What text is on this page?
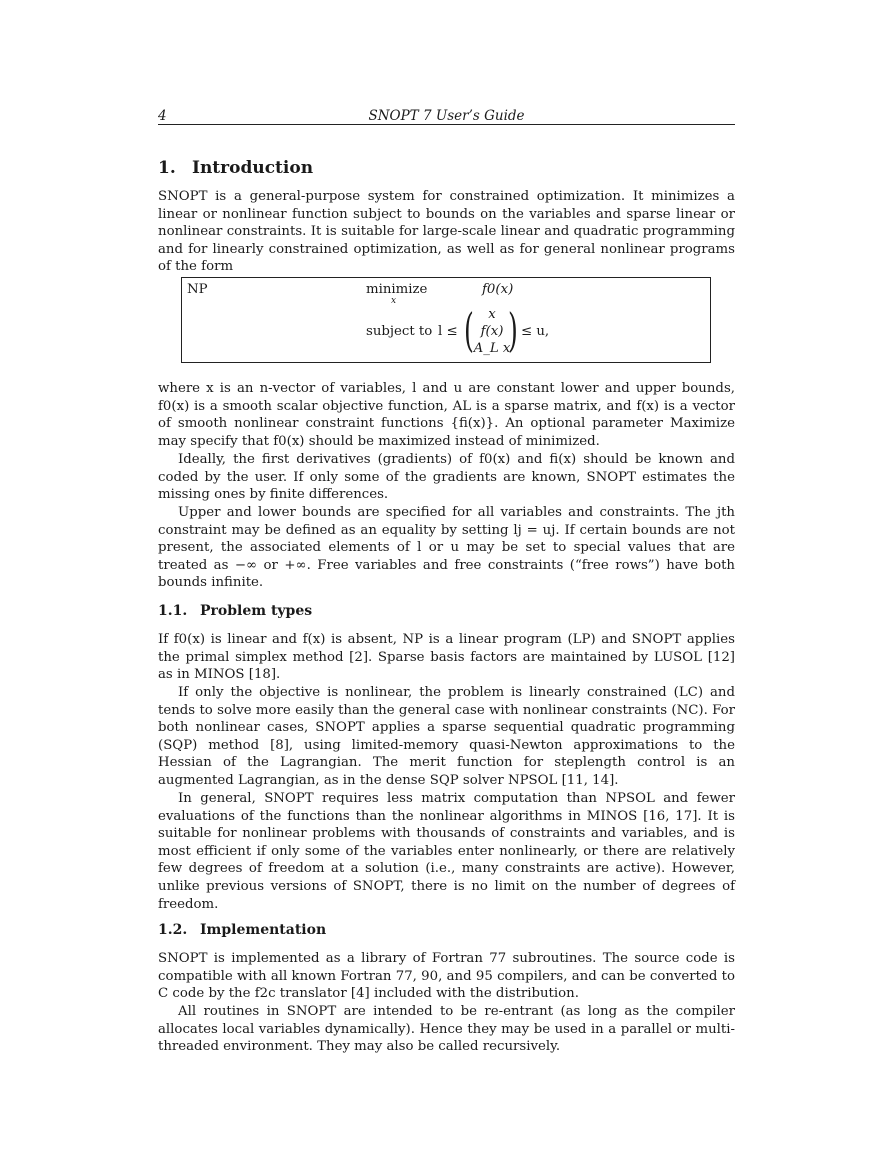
4	SNOPT 7 User’s Guide
1. Introduction

SNOPT is a general-purpose system for constrained optimization. It minimizes a linear or nonlinear function subject to bounds on the variables and sparse linear or nonlinear constraints. It is suitable for large-scale linear and quadratic programming and for linearly constrained optimization, as well as for general nonlinear programs of the form

NP	minimize
x
f0(x)
subject to l ≤ (	x
f(x)
A_L x
) ≤ u,

where x is an n-vector of variables, l and u are constant lower and upper bounds, f0(x) is a smooth scalar objective function, AL is a sparse matrix, and f(x) is a vector of smooth nonlinear constraint functions {fi(x)}. An optional parameter Maximize may specify that f0(x) should be maximized instead of minimized.

Ideally, the first derivatives (gradients) of f0(x) and fi(x) should be known and coded by the user. If only some of the gradients are known, SNOPT estimates the missing ones by finite differences.

Upper and lower bounds are specified for all variables and constraints. The jth constraint may be defined as an equality by setting lj = uj. If certain bounds are not present, the associated elements of l or u may be set to special values that are treated as −∞ or +∞. Free variables and free constraints (“free rows”) have both bounds infinite.

1.1. Problem types

If f0(x) is linear and f(x) is absent, NP is a linear program (LP) and SNOPT applies the primal simplex method [2]. Sparse basis factors are maintained by LUSOL [12] as in MINOS [18].

If only the objective is nonlinear, the problem is linearly constrained (LC) and tends to solve more easily than the general case with nonlinear constraints (NC). For both nonlinear cases, SNOPT applies a sparse sequential quadratic programming (SQP) method [8], using limited-memory quasi-Newton approximations to the Hessian of the Lagrangian. The merit function for steplength control is an augmented Lagrangian, as in the dense SQP solver NPSOL [11, 14].

In general, SNOPT requires less matrix computation than NPSOL and fewer evaluations of the functions than the nonlinear algorithms in MINOS [16, 17]. It is suitable for nonlinear problems with thousands of constraints and variables, and is most efficient if only some of the variables enter nonlinearly, or there are relatively few degrees of freedom at a solution (i.e., many constraints are active). However, unlike previous versions of SNOPT, there is no limit on the number of degrees of freedom.

1.2. Implementation

SNOPT is implemented as a library of Fortran 77 subroutines. The source code is compatible with all known Fortran 77, 90, and 95 compilers, and can be converted to C code by the f2c translator [4] included with the distribution.

All routines in SNOPT are intended to be re-entrant (as long as the compiler allocates local variables dynamically). Hence they may be used in a parallel or multi-threaded environment. They may also be called recursively.
